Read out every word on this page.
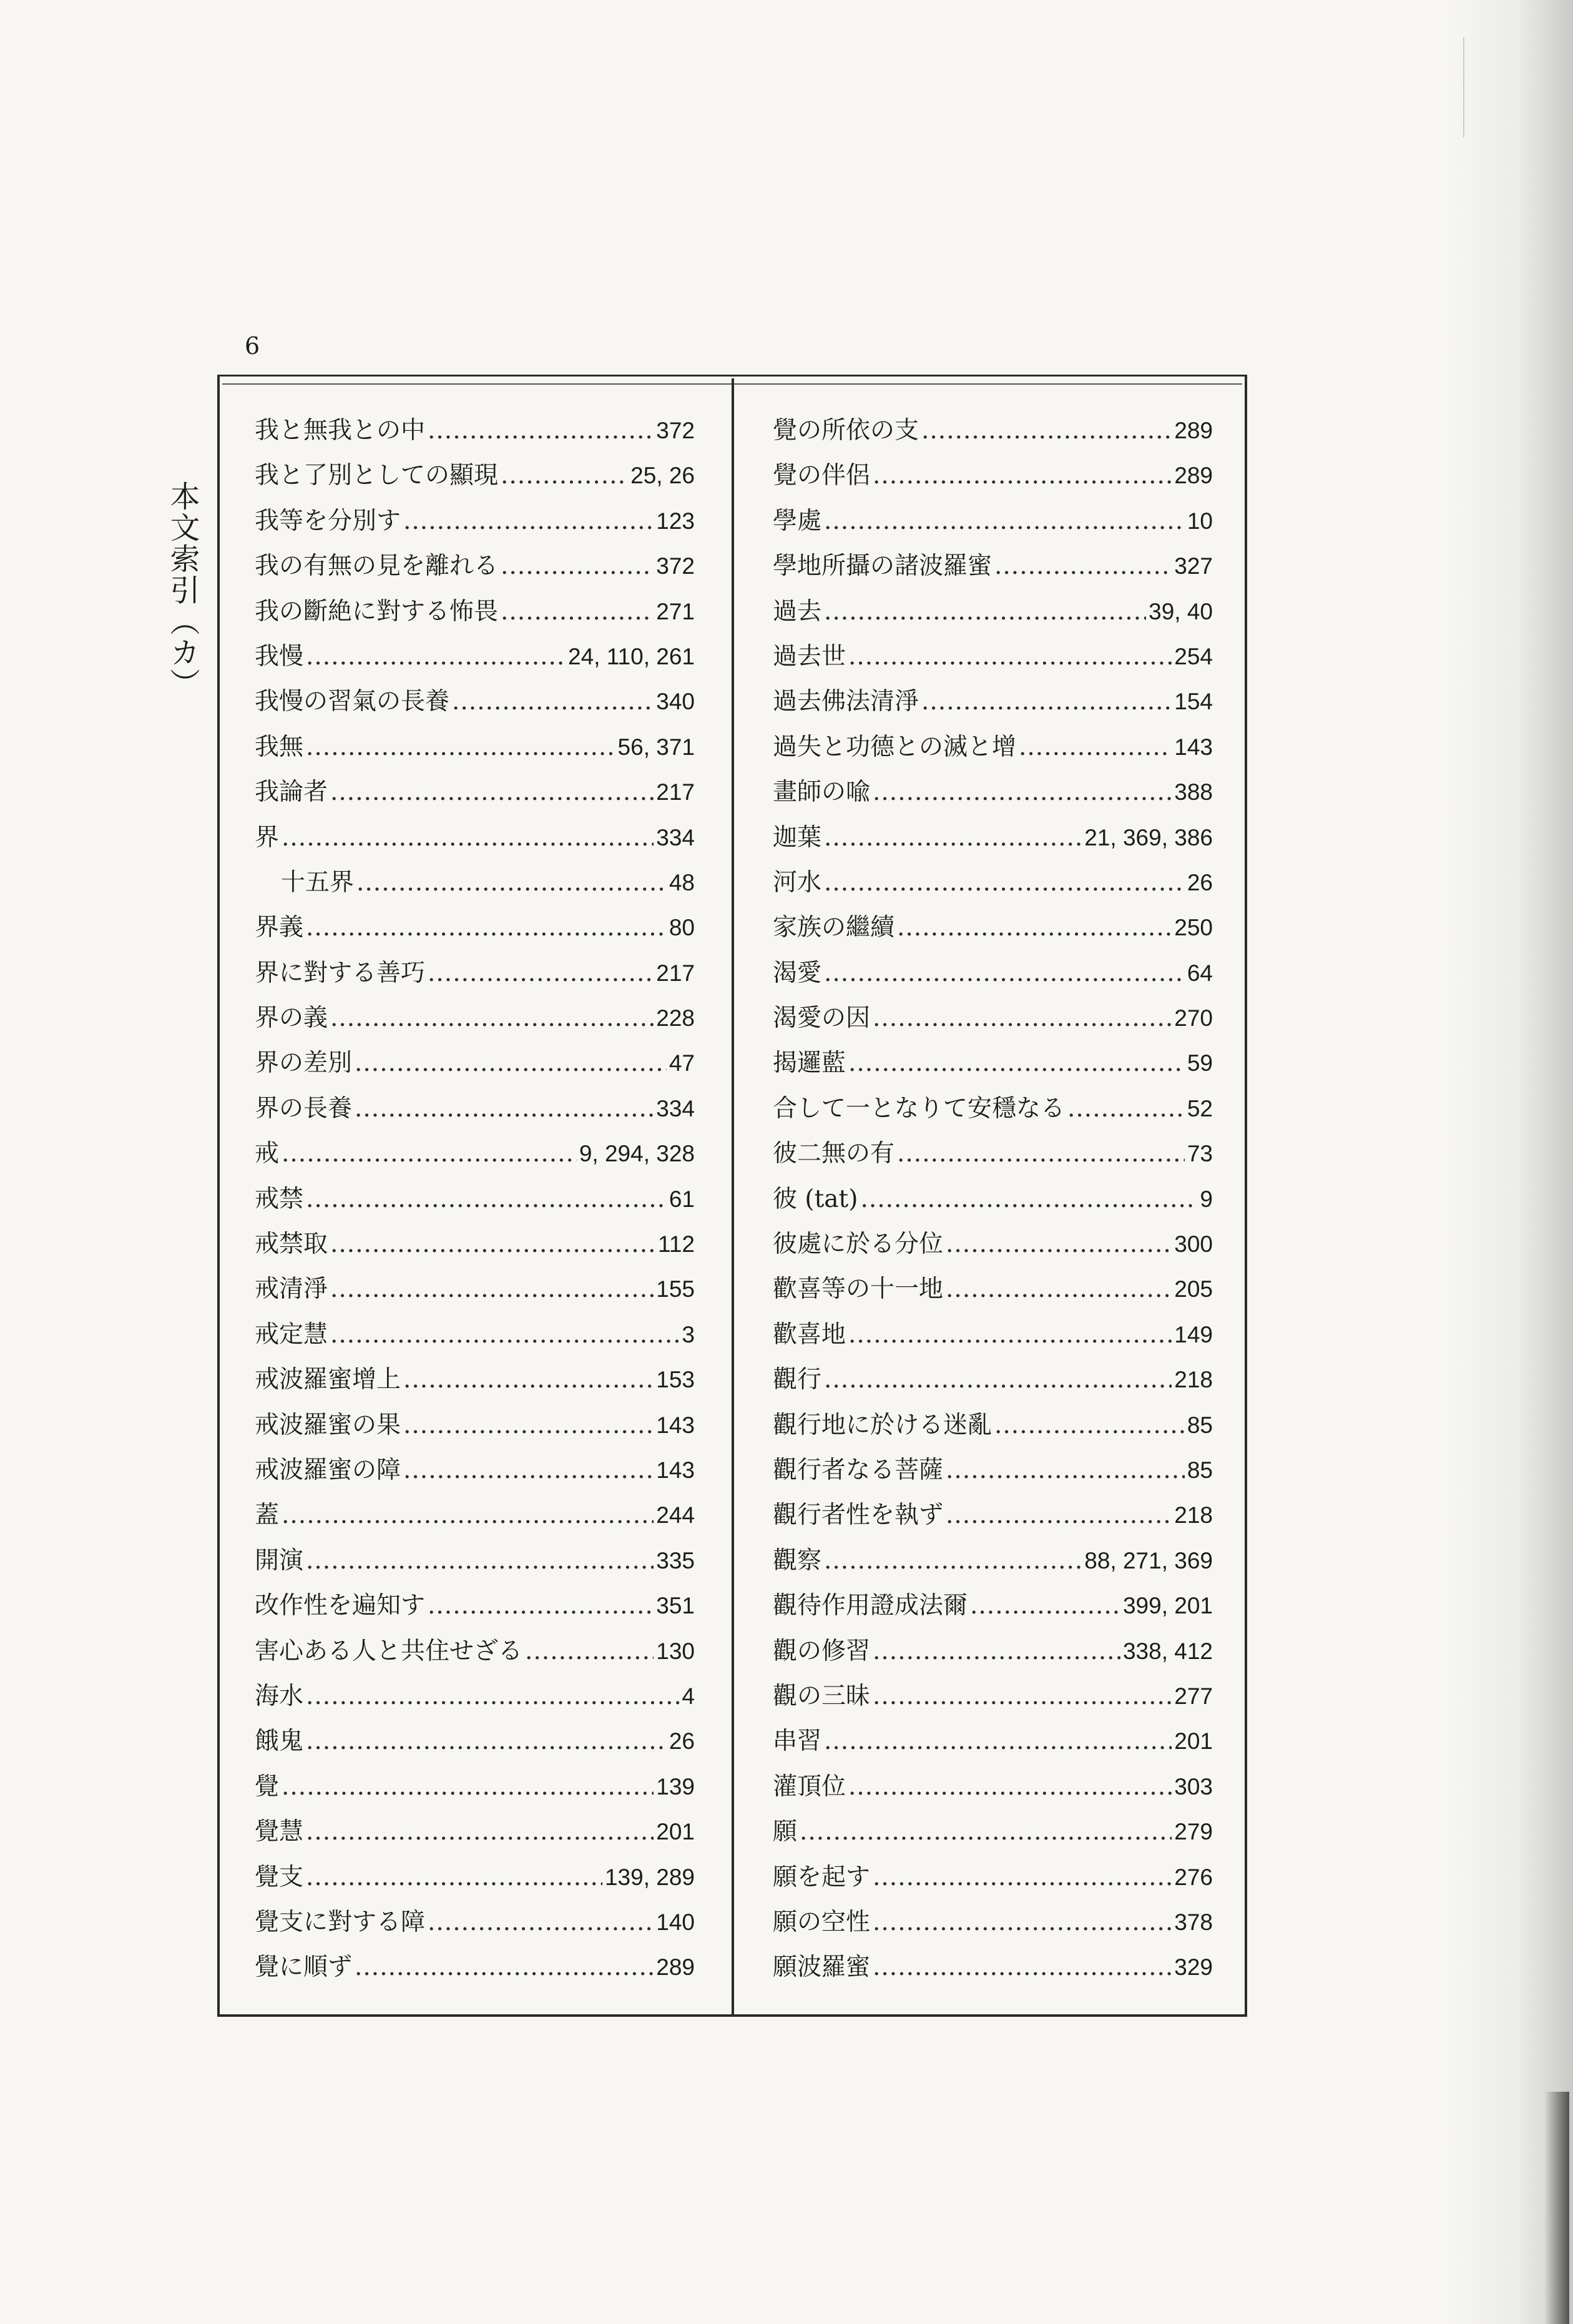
6
本文索引（カ）
我と無我との中 .....	372
我と了別としての顯現 .....	25, 26
我等を分別す .....	123
我の有無の見を離れる .....	372
我の斷絶に對する怖畏 .....	271
我慢 .....	24, 110, 261
我慢の習氣の長養 .....	340
我無 .....	56, 371
我論者 .....	217
界 .....	334
十五界 .....	48
界義 .....	80
界に對する善巧 .....	217
界の義 .....	228
界の差別 .....	47
界の長養 .....	334
戒 .....	9, 294, 328
戒禁 .....	61
戒禁取 .....	112
戒清淨 .....	155
戒定慧 .....	3
戒波羅蜜增上 .....	153
戒波羅蜜の果 .....	143
戒波羅蜜の障 .....	143
蓋 .....	244
開演 .....	335
改作性を遍知す .....	351
害心ある人と共住せざる .....	130
海水 .....	4
餓鬼 .....	26
覺 .....	139
覺慧 .....	201
覺支 .....	139, 289
覺支に對する障 .....	140
覺に順ず .....	289
覺の所依の支 .....	289
覺の伴侶 .....	289
學處 .....	10
學地所攝の諸波羅蜜 .....	327
過去 .....	39, 40
過去世 .....	254
過去佛法清淨 .....	154
過失と功德との滅と增 .....	143
畫師の喩 .....	388
迦葉 .....	21, 369, 386
河水 .....	26
家族の繼續 .....	250
渴愛 .....	64
渴愛の因 .....	270
揭邏藍 .....	59
合して一となりて安穩なる .....	52
彼二無の有 .....	73
彼 (tat) .....	9
彼處に於る分位 .....	300
歡喜等の十一地 .....	205
歡喜地 .....	149
觀行 .....	218
觀行地に於ける迷亂 .....	85
觀行者なる菩薩 .....	85
觀行者性を執ず .....	218
觀察 .....	88, 271, 369
觀待作用證成法爾 .....	399, 201
觀の修習 .....	338, 412
觀の三昧 .....	277
串習 .....	201
灌頂位 .....	303
願 .....	279
願を起す .....	276
願の空性 .....	378
願波羅蜜 .....	329
